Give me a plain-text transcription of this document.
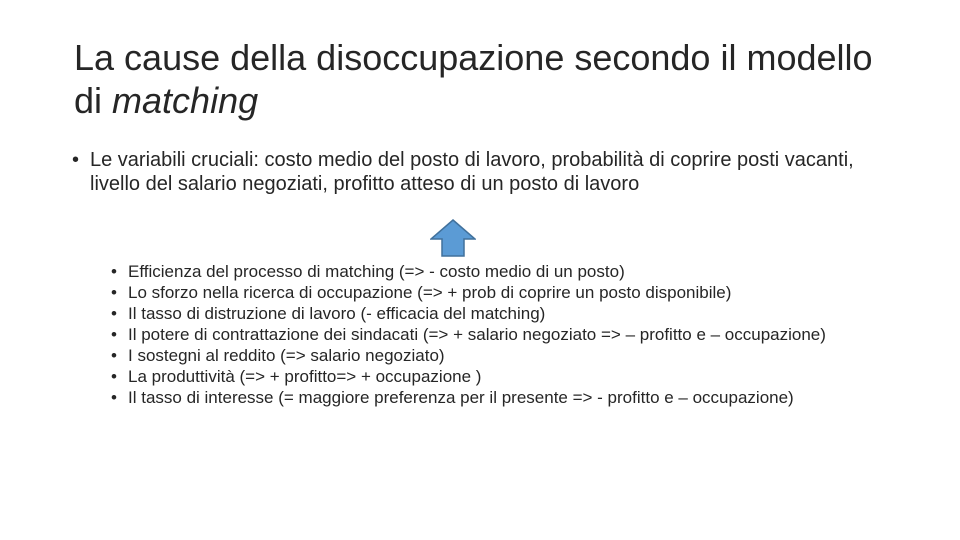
La cause della disoccupazione secondo il modello di matching
• Le variabili cruciali: costo medio del posto di lavoro, probabilità di coprire posti vacanti, livello del salario negoziati, profitto atteso di un posto di lavoro
• Efficienza del processo di matching (=> - costo medio di un posto)
• Lo sforzo nella ricerca di occupazione (=> + prob di coprire un posto disponibile)
• Il tasso di distruzione di lavoro (- efficacia del matching)
• Il potere di contrattazione dei sindacati (=> + salario negoziato => – profitto e – occupazione)
• I sostegni al reddito (=> salario negoziato)
• La produttività (=> + profitto=> + occupazione )
• Il tasso di interesse (= maggiore preferenza per il presente => - profitto e – occupazione)
